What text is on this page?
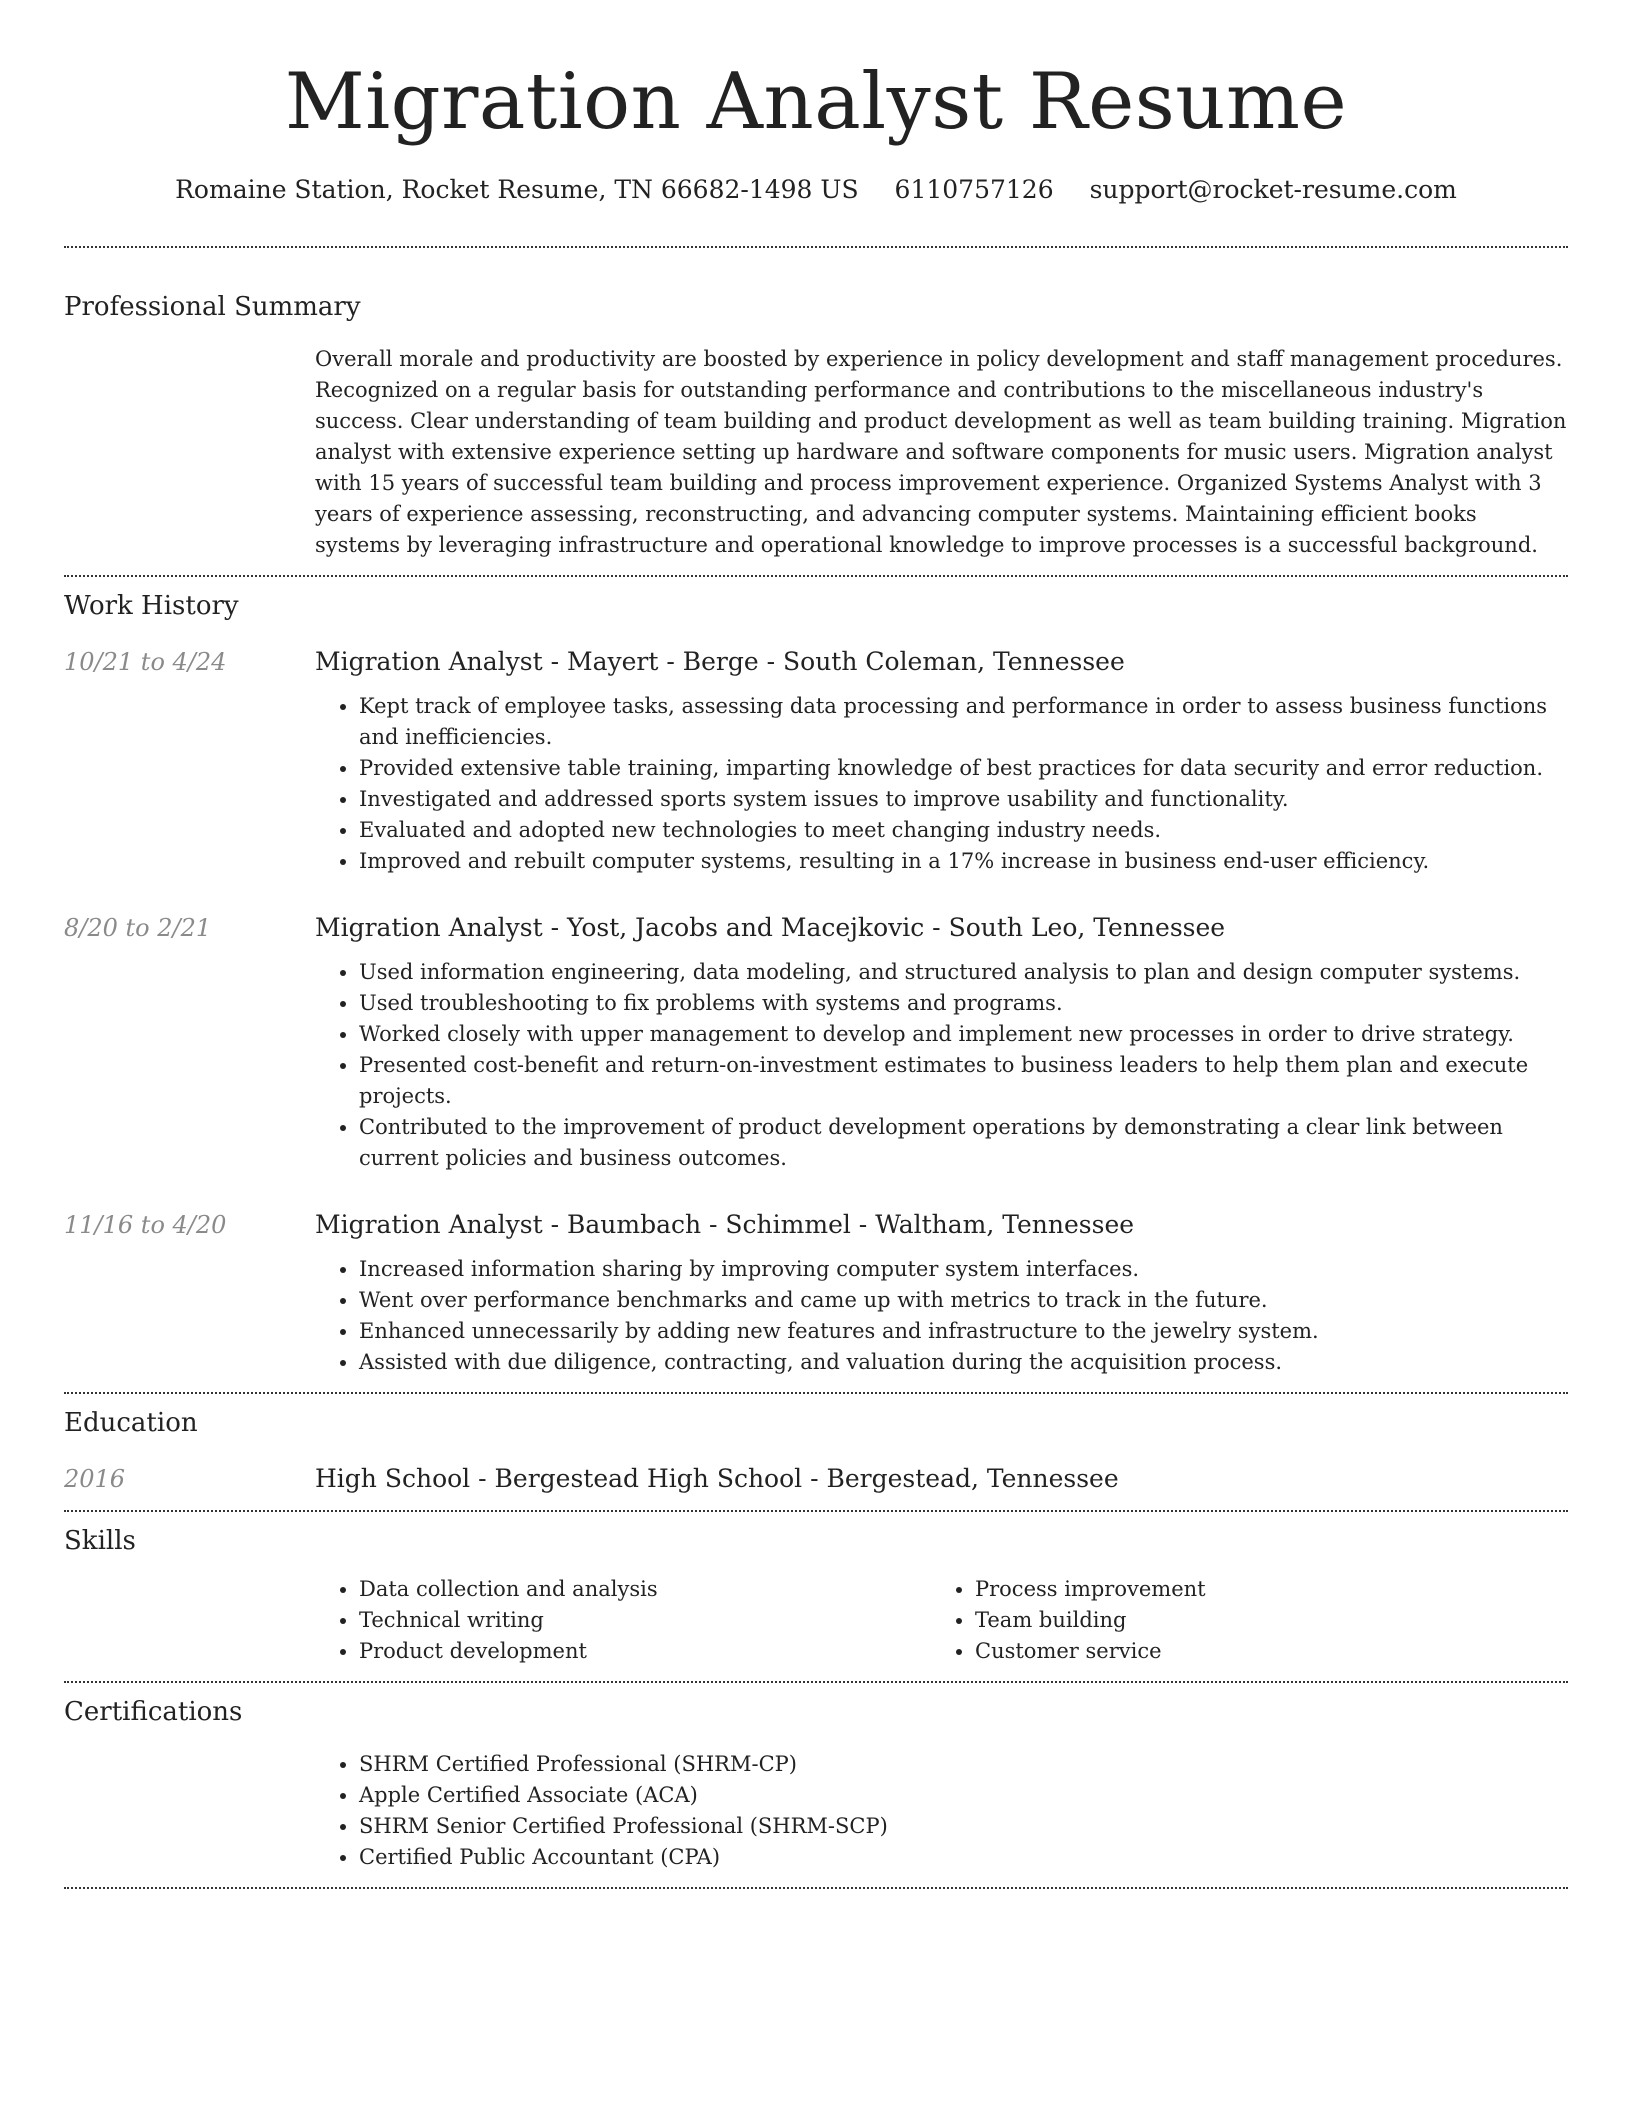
Migration Analyst Resume
Romaine Station, Rocket Resume, TN 66682-1498 US 6110757126 support@rocket-resume.com
Professional Summary
Overall morale and productivity are boosted by experience in policy development and staff management procedures. Recognized on a regular basis for outstanding performance and contributions to the miscellaneous industry's success. Clear understanding of team building and product development as well as team building training. Migration analyst with extensive experience setting up hardware and software components for music users. Migration analyst with 15 years of successful team building and process improvement experience. Organized Systems Analyst with 3 years of experience assessing, reconstructing, and advancing computer systems. Maintaining efficient books systems by leveraging infrastructure and operational knowledge to improve processes is a successful background.
Work History
10/21 to 4/24	Migration Analyst - Mayert - Berge - South Coleman, Tennessee
• Kept track of employee tasks, assessing data processing and performance in order to assess business functions and inefficiencies.
• Provided extensive table training, imparting knowledge of best practices for data security and error reduction.
• Investigated and addressed sports system issues to improve usability and functionality.
• Evaluated and adopted new technologies to meet changing industry needs.
• Improved and rebuilt computer systems, resulting in a 17% increase in business end-user efficiency.
8/20 to 2/21	Migration Analyst - Yost, Jacobs and Macejkovic - South Leo, Tennessee
• Used information engineering, data modeling, and structured analysis to plan and design computer systems.
• Used troubleshooting to fix problems with systems and programs.
• Worked closely with upper management to develop and implement new processes in order to drive strategy.
• Presented cost-benefit and return-on-investment estimates to business leaders to help them plan and execute projects.
• Contributed to the improvement of product development operations by demonstrating a clear link between current policies and business outcomes.
11/16 to 4/20	Migration Analyst - Baumbach - Schimmel - Waltham, Tennessee
• Increased information sharing by improving computer system interfaces.
• Went over performance benchmarks and came up with metrics to track in the future.
• Enhanced unnecessarily by adding new features and infrastructure to the jewelry system.
• Assisted with due diligence, contracting, and valuation during the acquisition process.
Education
2016	High School - Bergestead High School - Bergestead, Tennessee
Skills
• Data collection and analysis
• Technical writing
• Product development
• Process improvement
• Team building
• Customer service
Certifications
• SHRM Certified Professional (SHRM-CP)
• Apple Certified Associate (ACA)
• SHRM Senior Certified Professional (SHRM-SCP)
• Certified Public Accountant (CPA)
